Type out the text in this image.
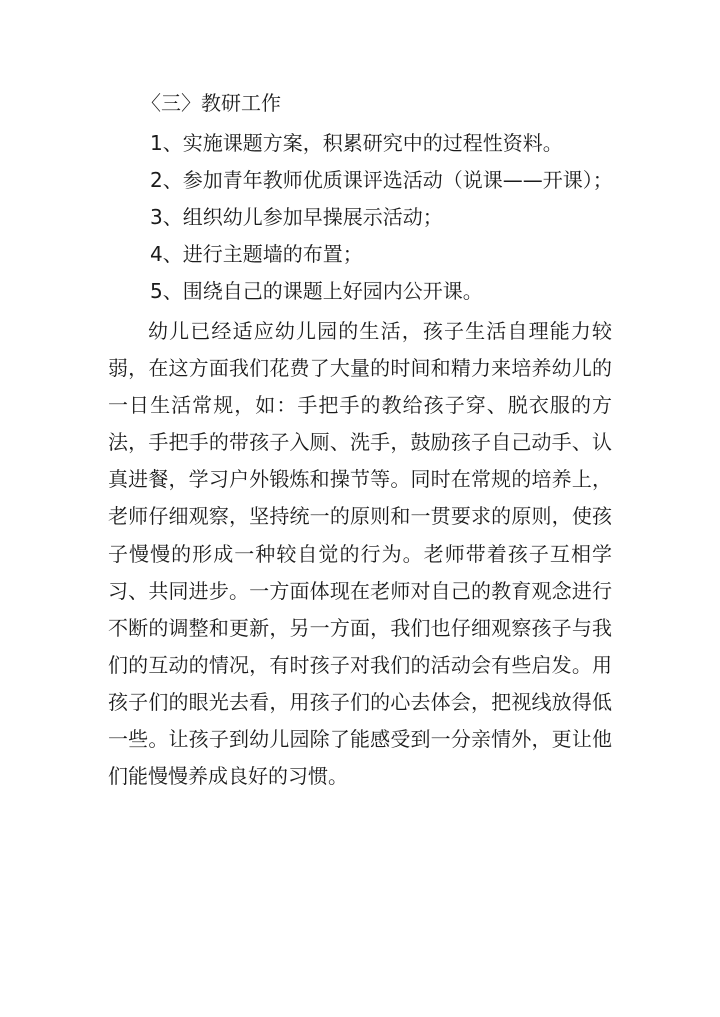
〈三〉教研工作
1、实施课题方案，积累研究中的过程性资料。
2、参加青年教师优质课评选活动（说课——开课）；
3、组织幼儿参加早操展示活动；
4、进行主题墙的布置；
5、围绕自己的课题上好园内公开课。

幼儿已经适应幼儿园的生活，孩子生活自理能力较弱，在这方面我们花费了大量的时间和精力来培养幼儿的一日生活常规，如：手把手的教给孩子穿、脱衣服的方法，手把手的带孩子入厕、洗手，鼓励孩子自己动手、认真进餐，学习户外锻炼和操节等。同时在常规的培养上，老师仔细观察，坚持统一的原则和一贯要求的原则，使孩子慢慢的形成一种较自觉的行为。老师带着孩子互相学习、共同进步。一方面体现在老师对自己的教育观念进行不断的调整和更新，另一方面，我们也仔细观察孩子与我们的互动的情况，有时孩子对我们的活动会有些启发。用孩子们的眼光去看，用孩子们的心去体会，把视线放得低一些。让孩子到幼儿园除了能感受到一分亲情外，更让他们能慢慢养成良好的习惯。
